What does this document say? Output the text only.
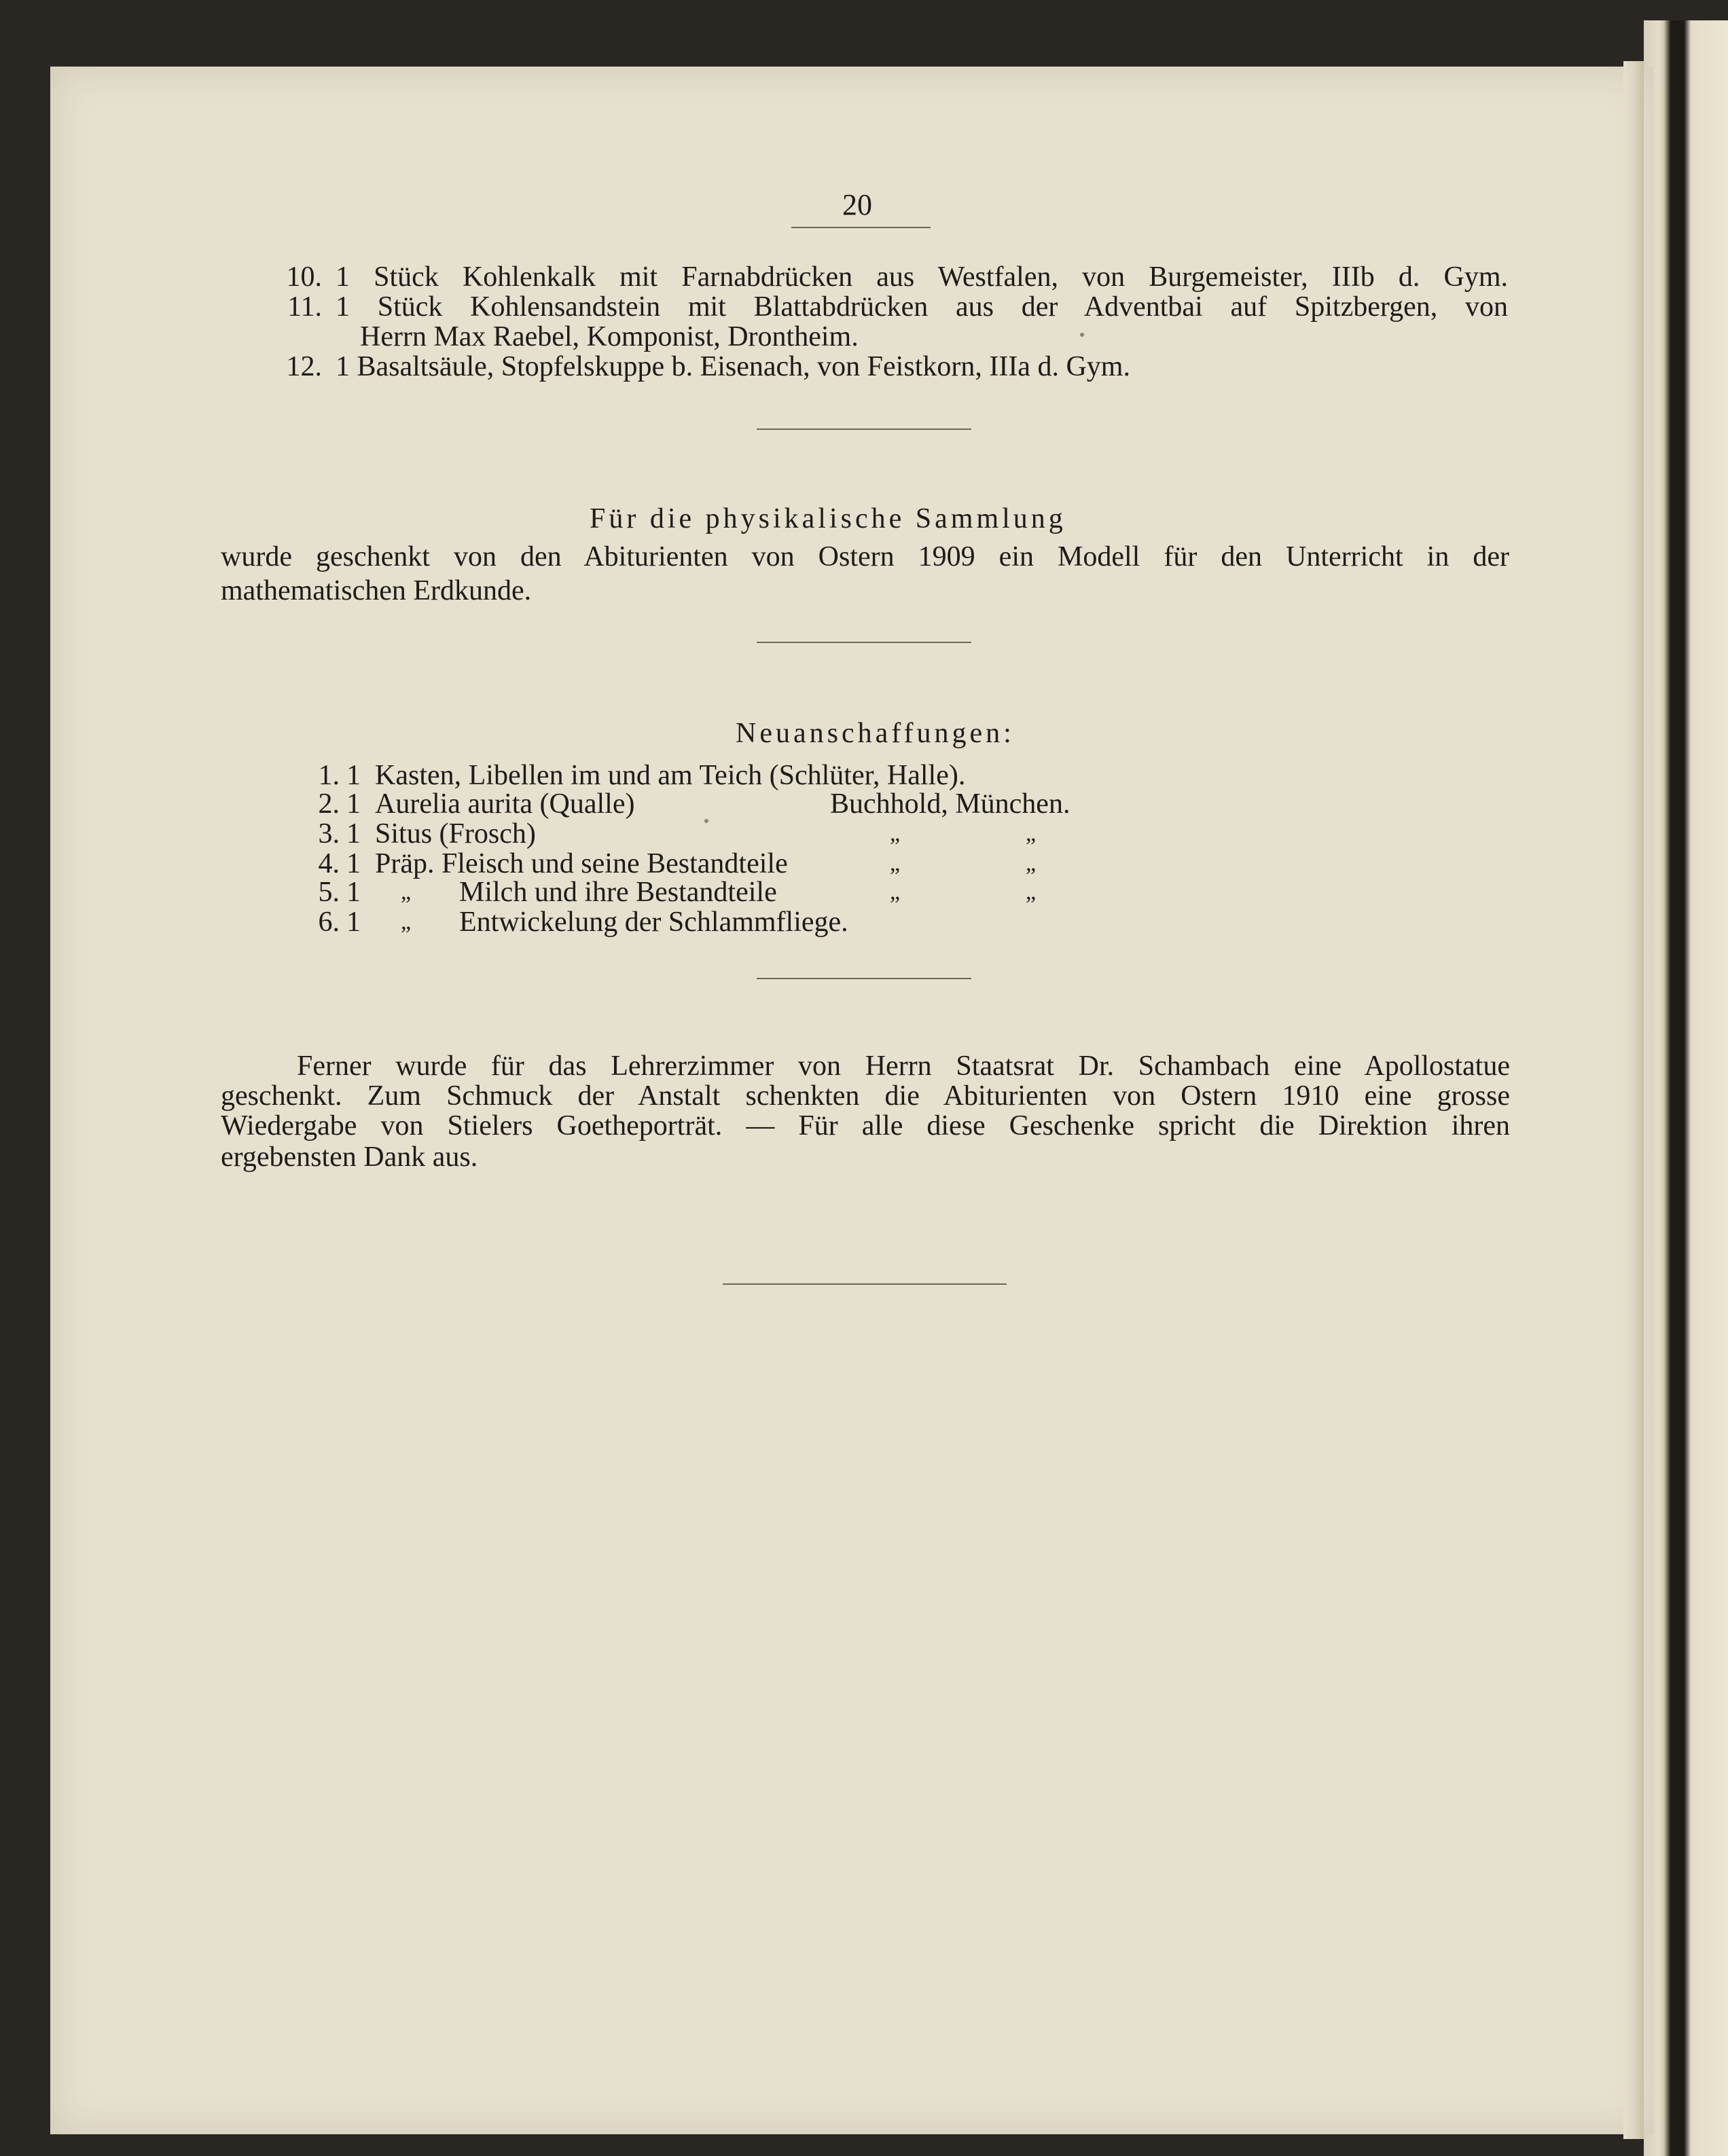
20
10. 1 Stück Kohlenkalk mit Farnabdrücken aus Westfalen, von Burgemeister, IIIb d. Gym.
11. 1 Stück Kohlensandstein mit Blattabdrücken aus der Adventbai auf Spitzbergen, von
Herrn Max Raebel, Komponist, Drontheim.
12. 1 Basaltsäule, Stopfelskuppe b. Eisenach, von Feistkorn, IIIa d. Gym.
Für die physikalische Sammlung
wurde geschenkt von den Abiturienten von Ostern 1909 ein Modell für den Unterricht in der
mathematischen Erdkunde.
Neuanschaffungen:
1. 1 Kasten, Libellen im und am Teich (Schlüter, Halle).
2. 1 Aurelia aurita (Qualle)	Buchhold, München.
3. 1 Situs (Frosch)	„	„
4. 1 Präp. Fleisch und seine Bestandteile	„	„
5. 1 „ Milch und ihre Bestandteile	„	„
6. 1 „ Entwickelung der Schlammfliege.
Ferner wurde für das Lehrerzimmer von Herrn Staatsrat Dr. Schambach eine Apollostatue
geschenkt. Zum Schmuck der Anstalt schenkten die Abiturienten von Ostern 1910 eine grosse
Wiedergabe von Stielers Goetheporträt. — Für alle diese Geschenke spricht die Direktion ihren
ergebensten Dank aus.
